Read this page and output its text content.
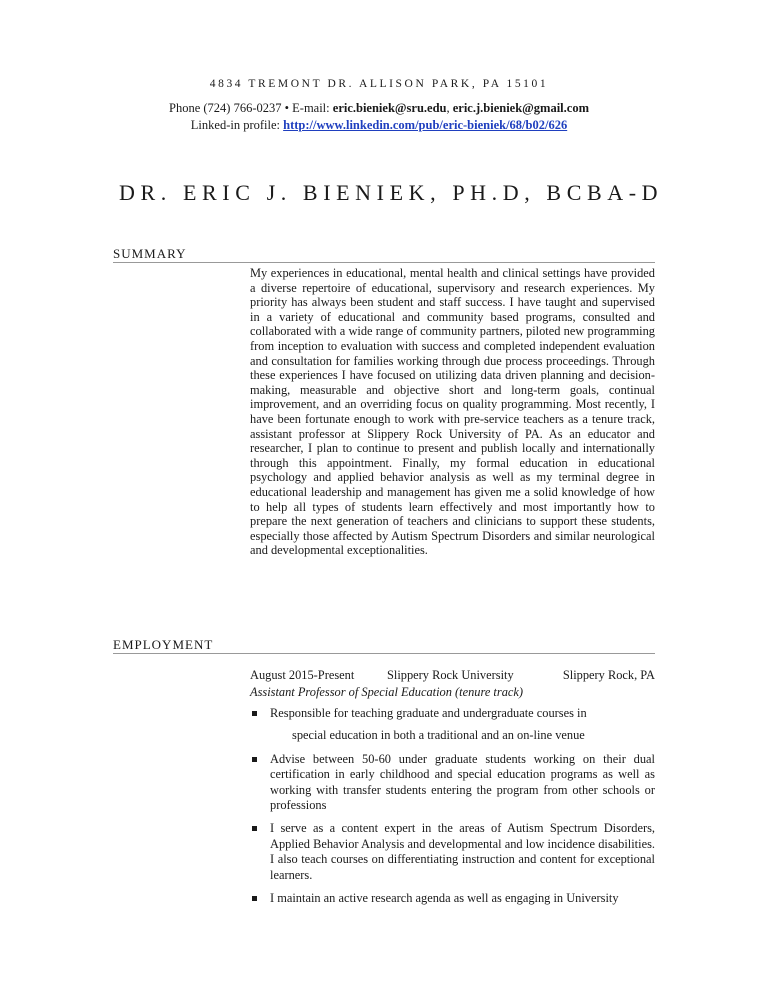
4834 TREMONT DR. ALLISON PARK, PA 15101
Phone (724) 766-0237 • E-mail: eric.bieniek@sru.edu, eric.j.bieniek@gmail.com
Linked-in profile: http://www.linkedin.com/pub/eric-bieniek/68/b02/626
DR. ERIC J. BIENIEK, PH.D, BCBA-D
SUMMARY
My experiences in educational, mental health and clinical settings have provided a diverse repertoire of educational, supervisory and research experiences. My priority has always been student and staff success. I have taught and supervised in a variety of educational and community based programs, consulted and collaborated with a wide range of community partners, piloted new programming from inception to evaluation with success and completed independent evaluation and consultation for families working through due process proceedings. Through these experiences I have focused on utilizing data driven planning and decision-making, measurable and objective short and long-term goals, continual improvement, and an overriding focus on quality programming. Most recently, I have been fortunate enough to work with pre-service teachers as a tenure track, assistant professor at Slippery Rock University of PA. As an educator and researcher, I plan to continue to present and publish locally and internationally through this appointment. Finally, my formal education in educational psychology and applied behavior analysis as well as my terminal degree in educational leadership and management has given me a solid knowledge of how to help all types of students learn effectively and most importantly how to prepare the next generation of teachers and clinicians to support these students, especially those affected by Autism Spectrum Disorders and similar neurological and developmental exceptionalities.
EMPLOYMENT
August 2015-Present	Slippery Rock University	Slippery Rock, PA
Assistant Professor of Special Education (tenure track)
Responsible for teaching graduate and undergraduate courses in
special education in both a traditional and an on-line venue
Advise between 50-60 under graduate students working on their dual certification in early childhood and special education programs as well as working with transfer students entering the program from other schools or professions
I serve as a content expert in the areas of Autism Spectrum Disorders, Applied Behavior Analysis and developmental and low incidence disabilities. I also teach courses on differentiating instruction and content for exceptional learners.
I maintain an active research agenda as well as engaging in University
